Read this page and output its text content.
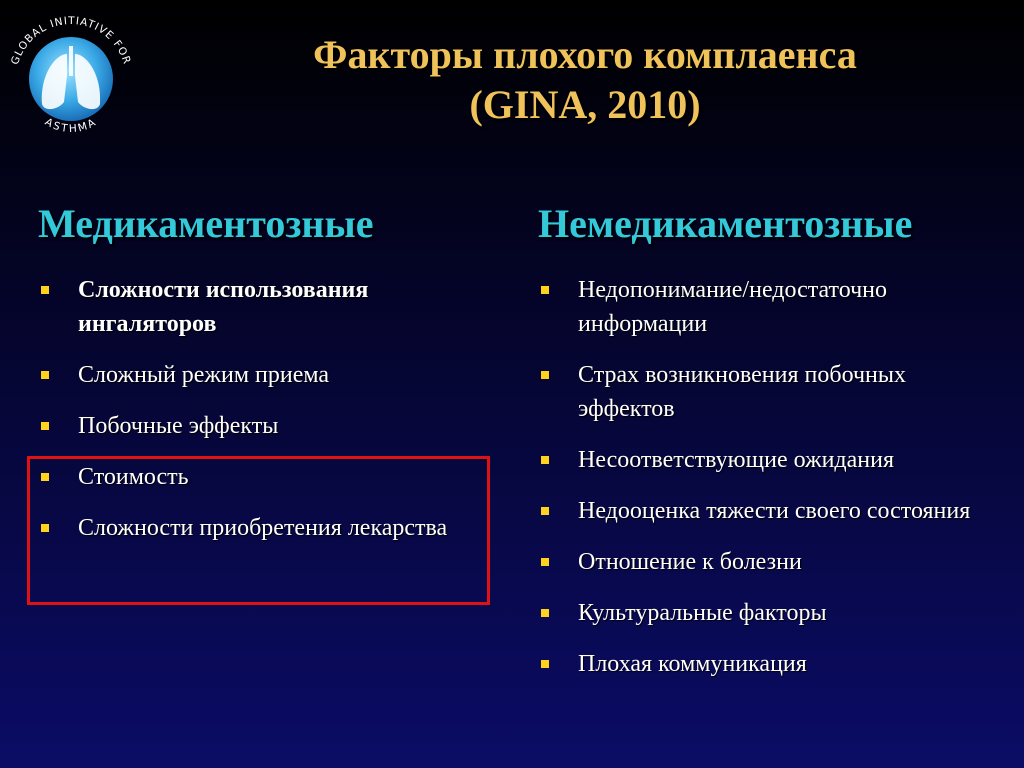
GLOBAL INITIATIVE FOR
ASTHMA
Факторы плохого комплаенса
(GINA, 2010)
Медикаментозные	Немедикаментозные
Сложности использования ингаляторов
Сложный режим приема
Побочные эффекты
Стоимость
Сложности приобретения лекарства
Недопонимание/недостаточно информации
Страх возникновения побочных эффектов
Несоответствующие ожидания
Недооценка тяжести своего состояния
Отношение к болезни
Культуральные факторы
Плохая коммуникация
